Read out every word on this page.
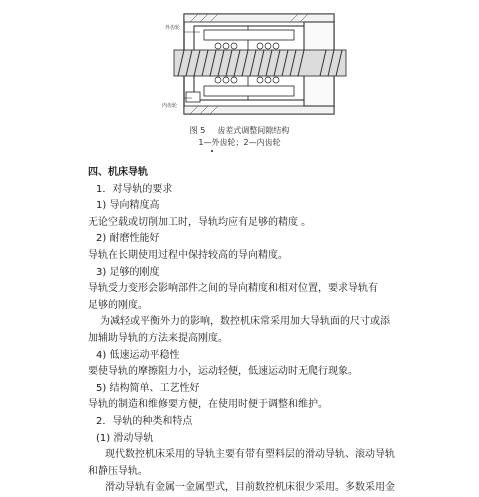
外齿轮
内齿轮
图 5 齿差式调整间隙结构
1—外齿轮；2—内齿轮

四、机床导轨

1．对导轨的要求

1) 导向精度高

无论空载或切削加工时，导轨均应有足够的精度 。

2) 耐磨性能好

导轨在长期使用过程中保持较高的导向精度。

3) 足够的刚度

导轨受力变形会影响部件之间的导向精度和相对位置，要求导轨有

足够的刚度。

为减轻或平衡外力的影响，数控机床常采用加大导轨面的尺寸或添

加辅助导轨的方法来提高刚度。

4) 低速运动平稳性

要使导轨的摩擦阻力小，运动轻便，低速运动时无爬行现象。

5) 结构简单、工艺性好

导轨的制造和维修要方便，在使用时便于调整和维护。

2．导轨的种类和特点

(1) 滑动导轨

现代数控机床采用的导轨主要有带有塑料层的滑动导轨、滚动导轨

和静压导轨。

滑动导轨有金属一金属型式，目前数控机床很少采用。多数采用金
